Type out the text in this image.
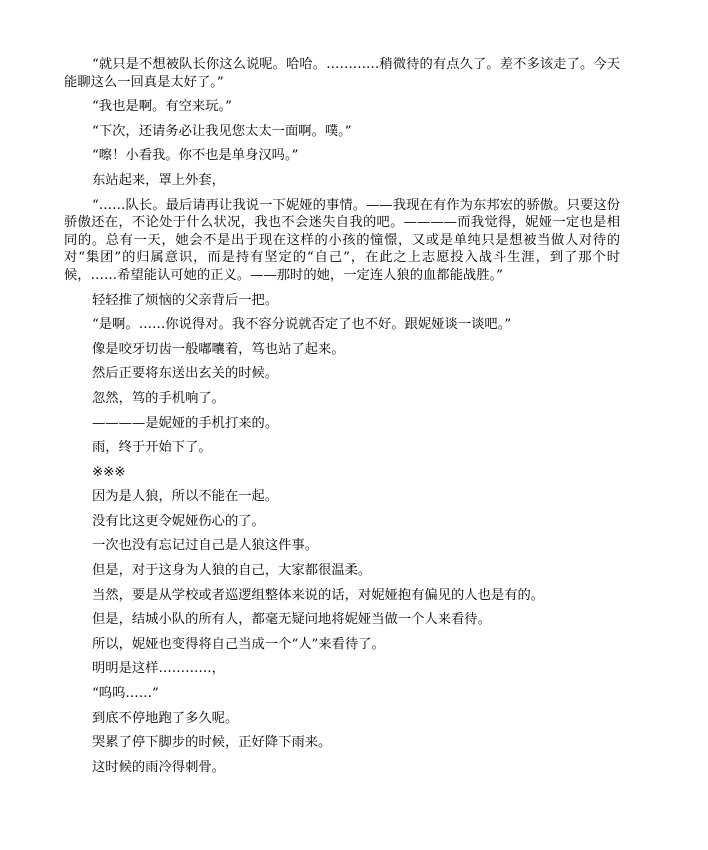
“就只是不想被队长你这么说呢。哈哈。…………稍微待的有点久了。差不多该走了。今天能聊这么一回真是太好了。”

“我也是啊。有空来玩。”

“下次，还请务必让我见您太太一面啊。噗。”

“嚓！小看我。你不也是单身汉吗。”

东站起来，罩上外套，

“……队长。最后请再让我说一下妮娅的事情。——我现在有作为东邦宏的骄傲。只要这份骄傲还在，不论处于什么状况，我也不会迷失自我的吧。————而我觉得，妮娅一定也是相同的。总有一天，她会不是出于现在这样的小孩的憧憬，又或是单纯只是想被当做人对待的对“集团”的归属意识，而是持有坚定的“自己”，在此之上志愿投入战斗生涯，到了那个时候，……希望能认可她的正义。——那时的她，一定连人狼的血都能战胜。”

轻轻推了烦恼的父亲背后一把。

“是啊。……你说得对。我不容分说就否定了也不好。跟妮娅谈一谈吧。”

像是咬牙切齿一般嘟囔着，笃也站了起来。

然后正要将东送出玄关的时候。

忽然，笃的手机响了。

————是妮娅的手机打来的。

雨，终于开始下了。

※※※

因为是人狼，所以不能在一起。

没有比这更令妮娅伤心的了。

一次也没有忘记过自己是人狼这件事。

但是，对于这身为人狼的自己，大家都很温柔。

当然，要是从学校或者巡逻组整体来说的话，对妮娅抱有偏见的人也是有的。

但是，结城小队的所有人，都毫无疑问地将妮娅当做一个人来看待。

所以，妮娅也变得将自己当成一个“人”来看待了。

明明是这样…………，

“呜呜……”

到底不停地跑了多久呢。

哭累了停下脚步的时候，正好降下雨来。

这时候的雨冷得刺骨。
